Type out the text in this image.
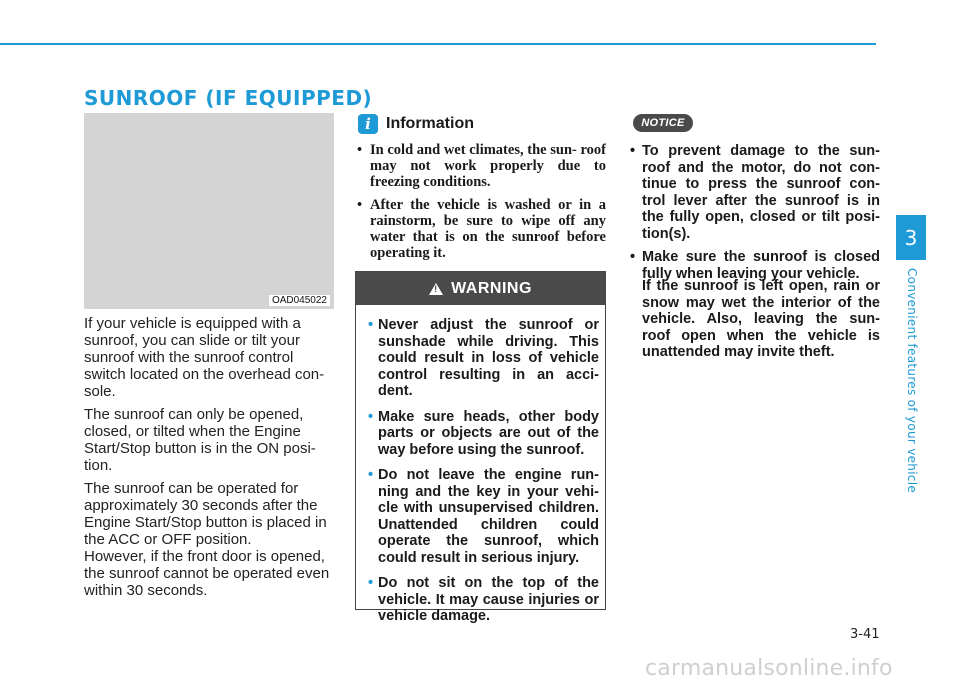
SUNROOF (IF EQUIPPED)
OAD045022

If your vehicle is equipped with a sunroof, you can slide or tilt your sunroof with the sunroof control switch located on the overhead con- sole.

The sunroof can only be opened, closed, or tilted when the Engine Start/Stop button is in the ON posi- tion.

The sunroof can be operated for approximately 30 seconds after the Engine Start/Stop button is placed in the ACC or OFF position.

However, if the front door is opened, the sunroof cannot be operated even within 30 seconds.

i Information
• In cold and wet climates, the sun- roof may not work properly due to freezing conditions.
• After the vehicle is washed or in a rainstorm, be sure to wipe off any water that is on the sunroof before operating it.
! WARNING
• Never adjust the sunroof or sunshade while driving. This could result in loss of vehicle control resulting in an acci- dent.
• Make sure heads, other body parts or objects are out of the way before using the sunroof.
• Do not leave the engine run- ning and the key in your vehi- cle with unsupervised children. Unattended children could operate the sunroof, which could result in serious injury.
• Do not sit on the top of the vehicle. It may cause injuries or vehicle damage.
NOTICE
• To prevent damage to the sun- roof and the motor, do not con- tinue to press the sunroof con- trol lever after the sunroof is in the fully open, closed or tilt posi- tion(s).
• Make sure the sunroof is closed fully when leaving your vehicle.
If the sunroof is left open, rain or snow may wet the interior of the vehicle. Also, leaving the sun- roof open when the vehicle is unattended may invite theft.
3
Convenient features of your vehicle
3-41
carmanualsonline.info
